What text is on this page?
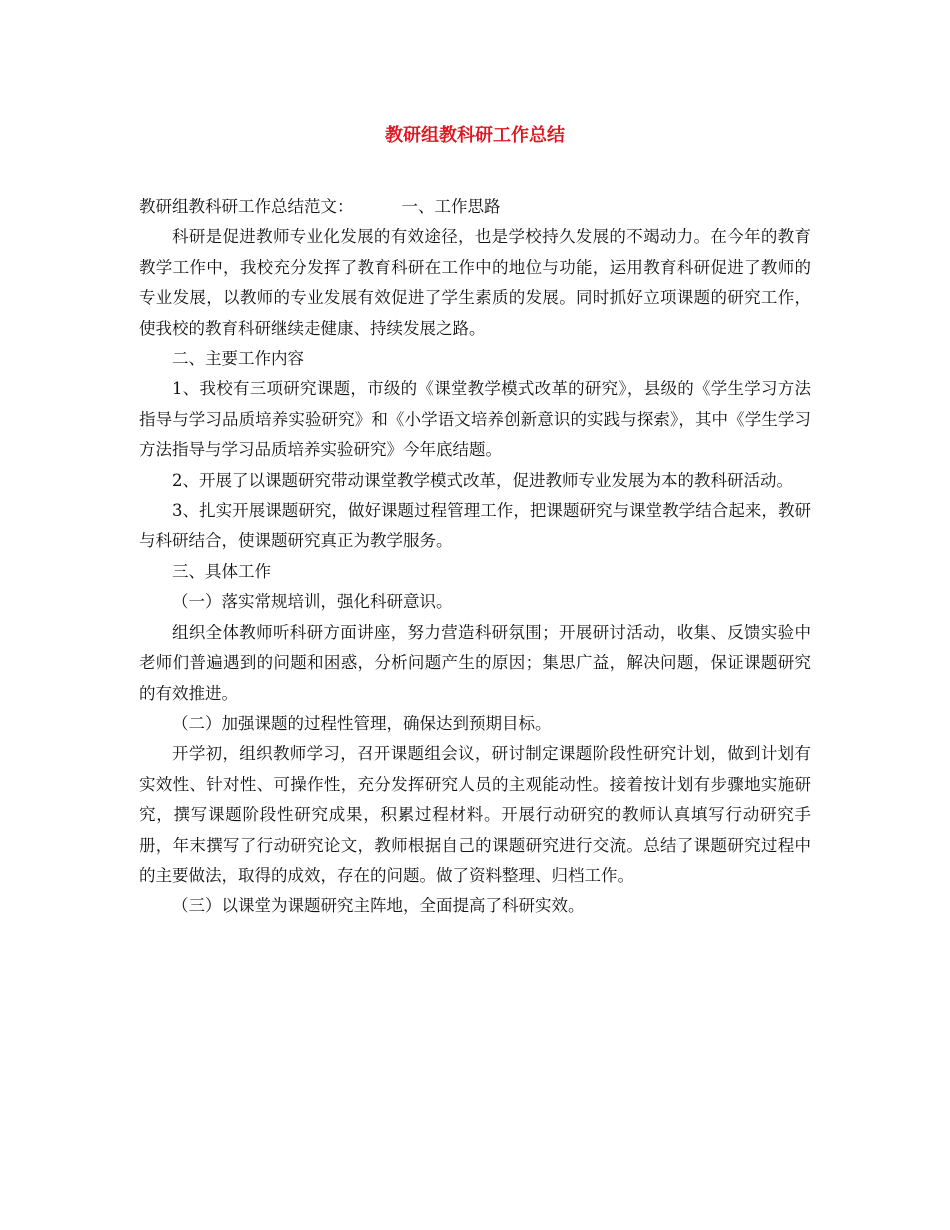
教研组教科研工作总结

教研组教科研工作总结范文：	一、工作思路

科研是促进教师专业化发展的有效途径，也是学校持久发展的不竭动力。在今年的教育教学工作中，我校充分发挥了教育科研在工作中的地位与功能，运用教育科研促进了教师的专业发展，以教师的专业发展有效促进了学生素质的发展。同时抓好立项课题的研究工作，使我校的教育科研继续走健康、持续发展之路。

二、主要工作内容

1、我校有三项研究课题，市级的《课堂教学模式改革的研究》，县级的《学生学习方法指导与学习品质培养实验研究》和《小学语文培养创新意识的实践与探索》，其中《学生学习方法指导与学习品质培养实验研究》今年底结题。

2、开展了以课题研究带动课堂教学模式改革，促进教师专业发展为本的教科研活动。

3、扎实开展课题研究，做好课题过程管理工作，把课题研究与课堂教学结合起来，教研与科研结合，使课题研究真正为教学服务。

三、具体工作

（一）落实常规培训，强化科研意识。

组织全体教师听科研方面讲座，努力营造科研氛围；开展研讨活动，收集、反馈实验中老师们普遍遇到的问题和困惑，分析问题产生的原因；集思广益，解决问题，保证课题研究的有效推进。

（二）加强课题的过程性管理，确保达到预期目标。

开学初，组织教师学习，召开课题组会议，研讨制定课题阶段性研究计划，做到计划有实效性、针对性、可操作性，充分发挥研究人员的主观能动性。接着按计划有步骤地实施研究，撰写课题阶段性研究成果，积累过程材料。开展行动研究的教师认真填写行动研究手册，年末撰写了行动研究论文，教师根据自己的课题研究进行交流。总结了课题研究过程中的主要做法，取得的成效，存在的问题。做了资料整理、归档工作。

（三）以课堂为课题研究主阵地，全面提高了科研实效。
